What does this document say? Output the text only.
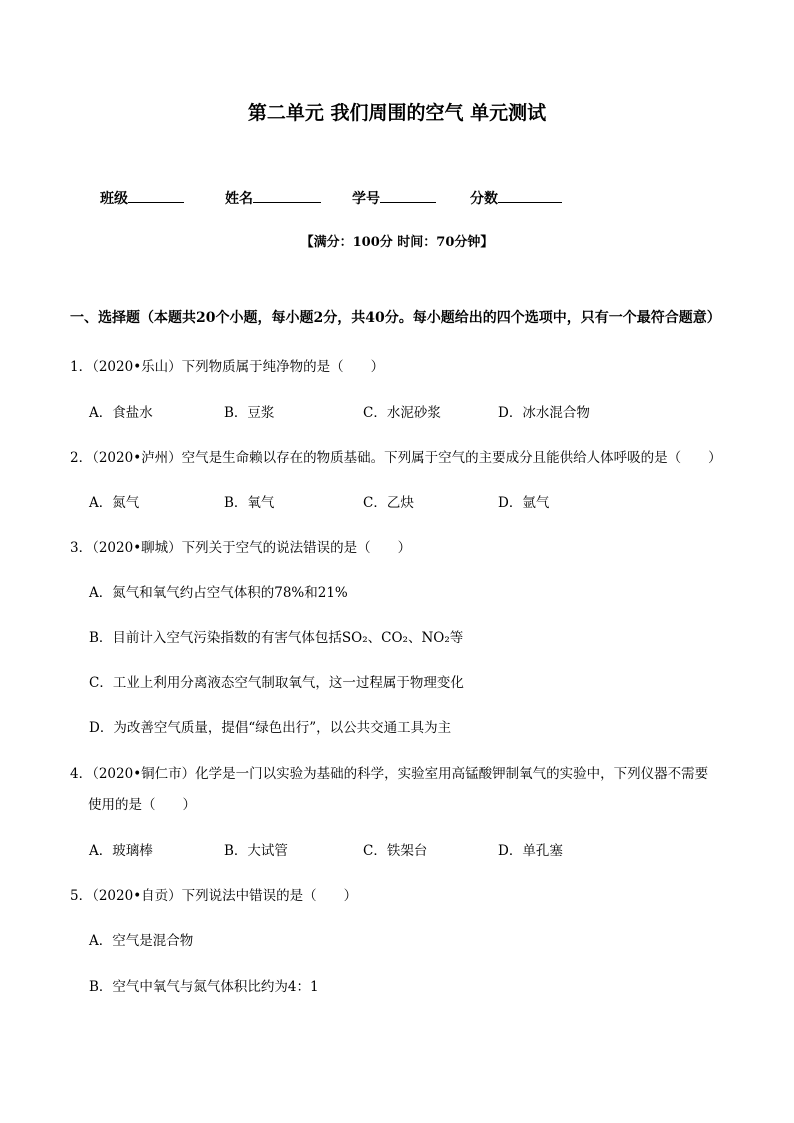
第二单元 我们周围的空气 单元测试
班级	姓名	学号	分数
【满分：100分 时间：70分钟】
一、选择题（本题共20个小题，每小题2分，共40分。每小题给出的四个选项中，只有一个最符合题意）
1．（2020•乐山）下列物质属于纯净物的是（　　）
A．食盐水	B．豆浆	C．水泥砂浆	D．冰水混合物
2．（2020•泸州）空气是生命赖以存在的物质基础。下列属于空气的主要成分且能供给人体呼吸的是（　　）
A．氮气	B．氧气	C．乙炔	D．氩气
3．（2020•聊城）下列关于空气的说法错误的是（　　）
A．氮气和氧气约占空气体积的78%和21%
B．目前计入空气污染指数的有害气体包括SO₂、CO₂、NO₂等
C．工业上利用分离液态空气制取氧气，这一过程属于物理变化
D．为改善空气质量，提倡“绿色出行”，以公共交通工具为主
4．（2020•铜仁市）化学是一门以实验为基础的科学，实验室用高锰酸钾制氧气的实验中，下列仪器不需要
使用的是（　　）
A．玻璃棒	B．大试管	C．铁架台	D．单孔塞
5．（2020•自贡）下列说法中错误的是（　　）
A．空气是混合物
B．空气中氧气与氮气体积比约为4：1
